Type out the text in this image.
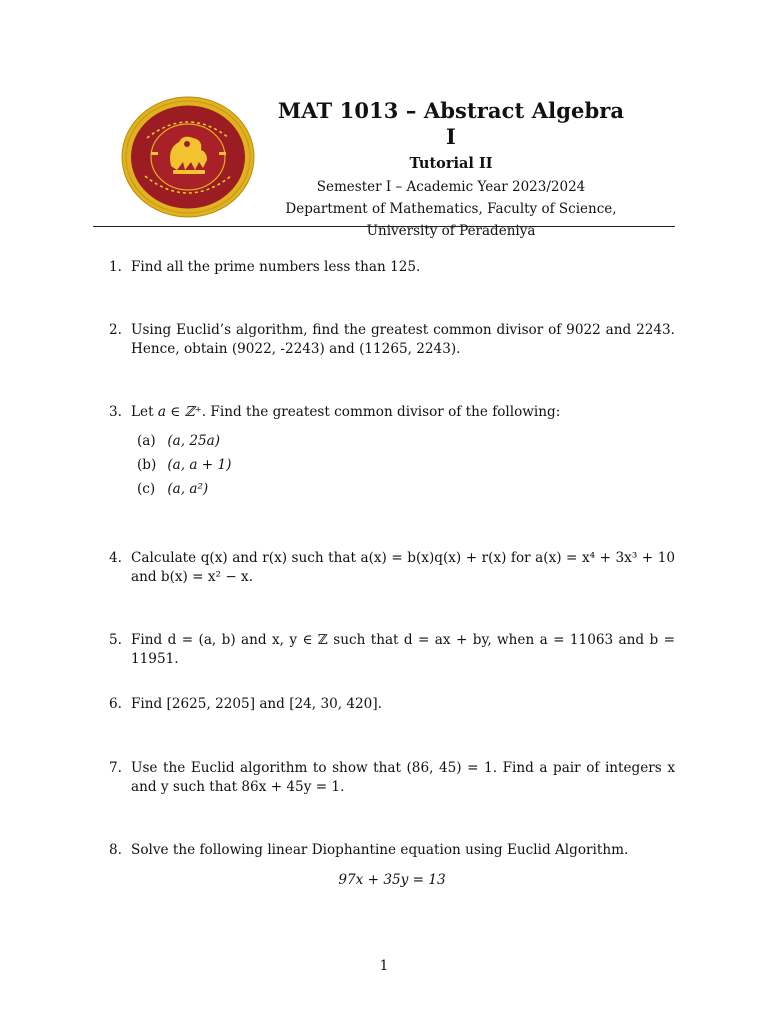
MAT 1013 – Abstract Algebra I
Tutorial II
Semester I – Academic Year 2023/2024
Department of Mathematics, Faculty of Science,
University of Peradeniya
1. Find all the prime numbers less than 125.
2. Using Euclid’s algorithm, find the greatest common divisor of 9022 and 2243. Hence, obtain (9022, -2243) and (11265, 2243).
3. Let a ∈ ℤ⁺. Find the greatest common divisor of the following:
(a) (a, 25a)
(b) (a, a + 1)
(c) (a, a²)
4. Calculate q(x) and r(x) such that a(x) = b(x)q(x) + r(x) for a(x) = x⁴ + 3x³ + 10 and b(x) = x² − x.
5. Find d = (a, b) and x, y ∈ ℤ such that d = ax + by, when a = 11063 and b = 11951.
6. Find [2625, 2205] and [24, 30, 420].
7. Use the Euclid algorithm to show that (86, 45) = 1. Find a pair of integers x and y such that 86x + 45y = 1.
8. Solve the following linear Diophantine equation using Euclid Algorithm.
97x + 35y = 13
1
